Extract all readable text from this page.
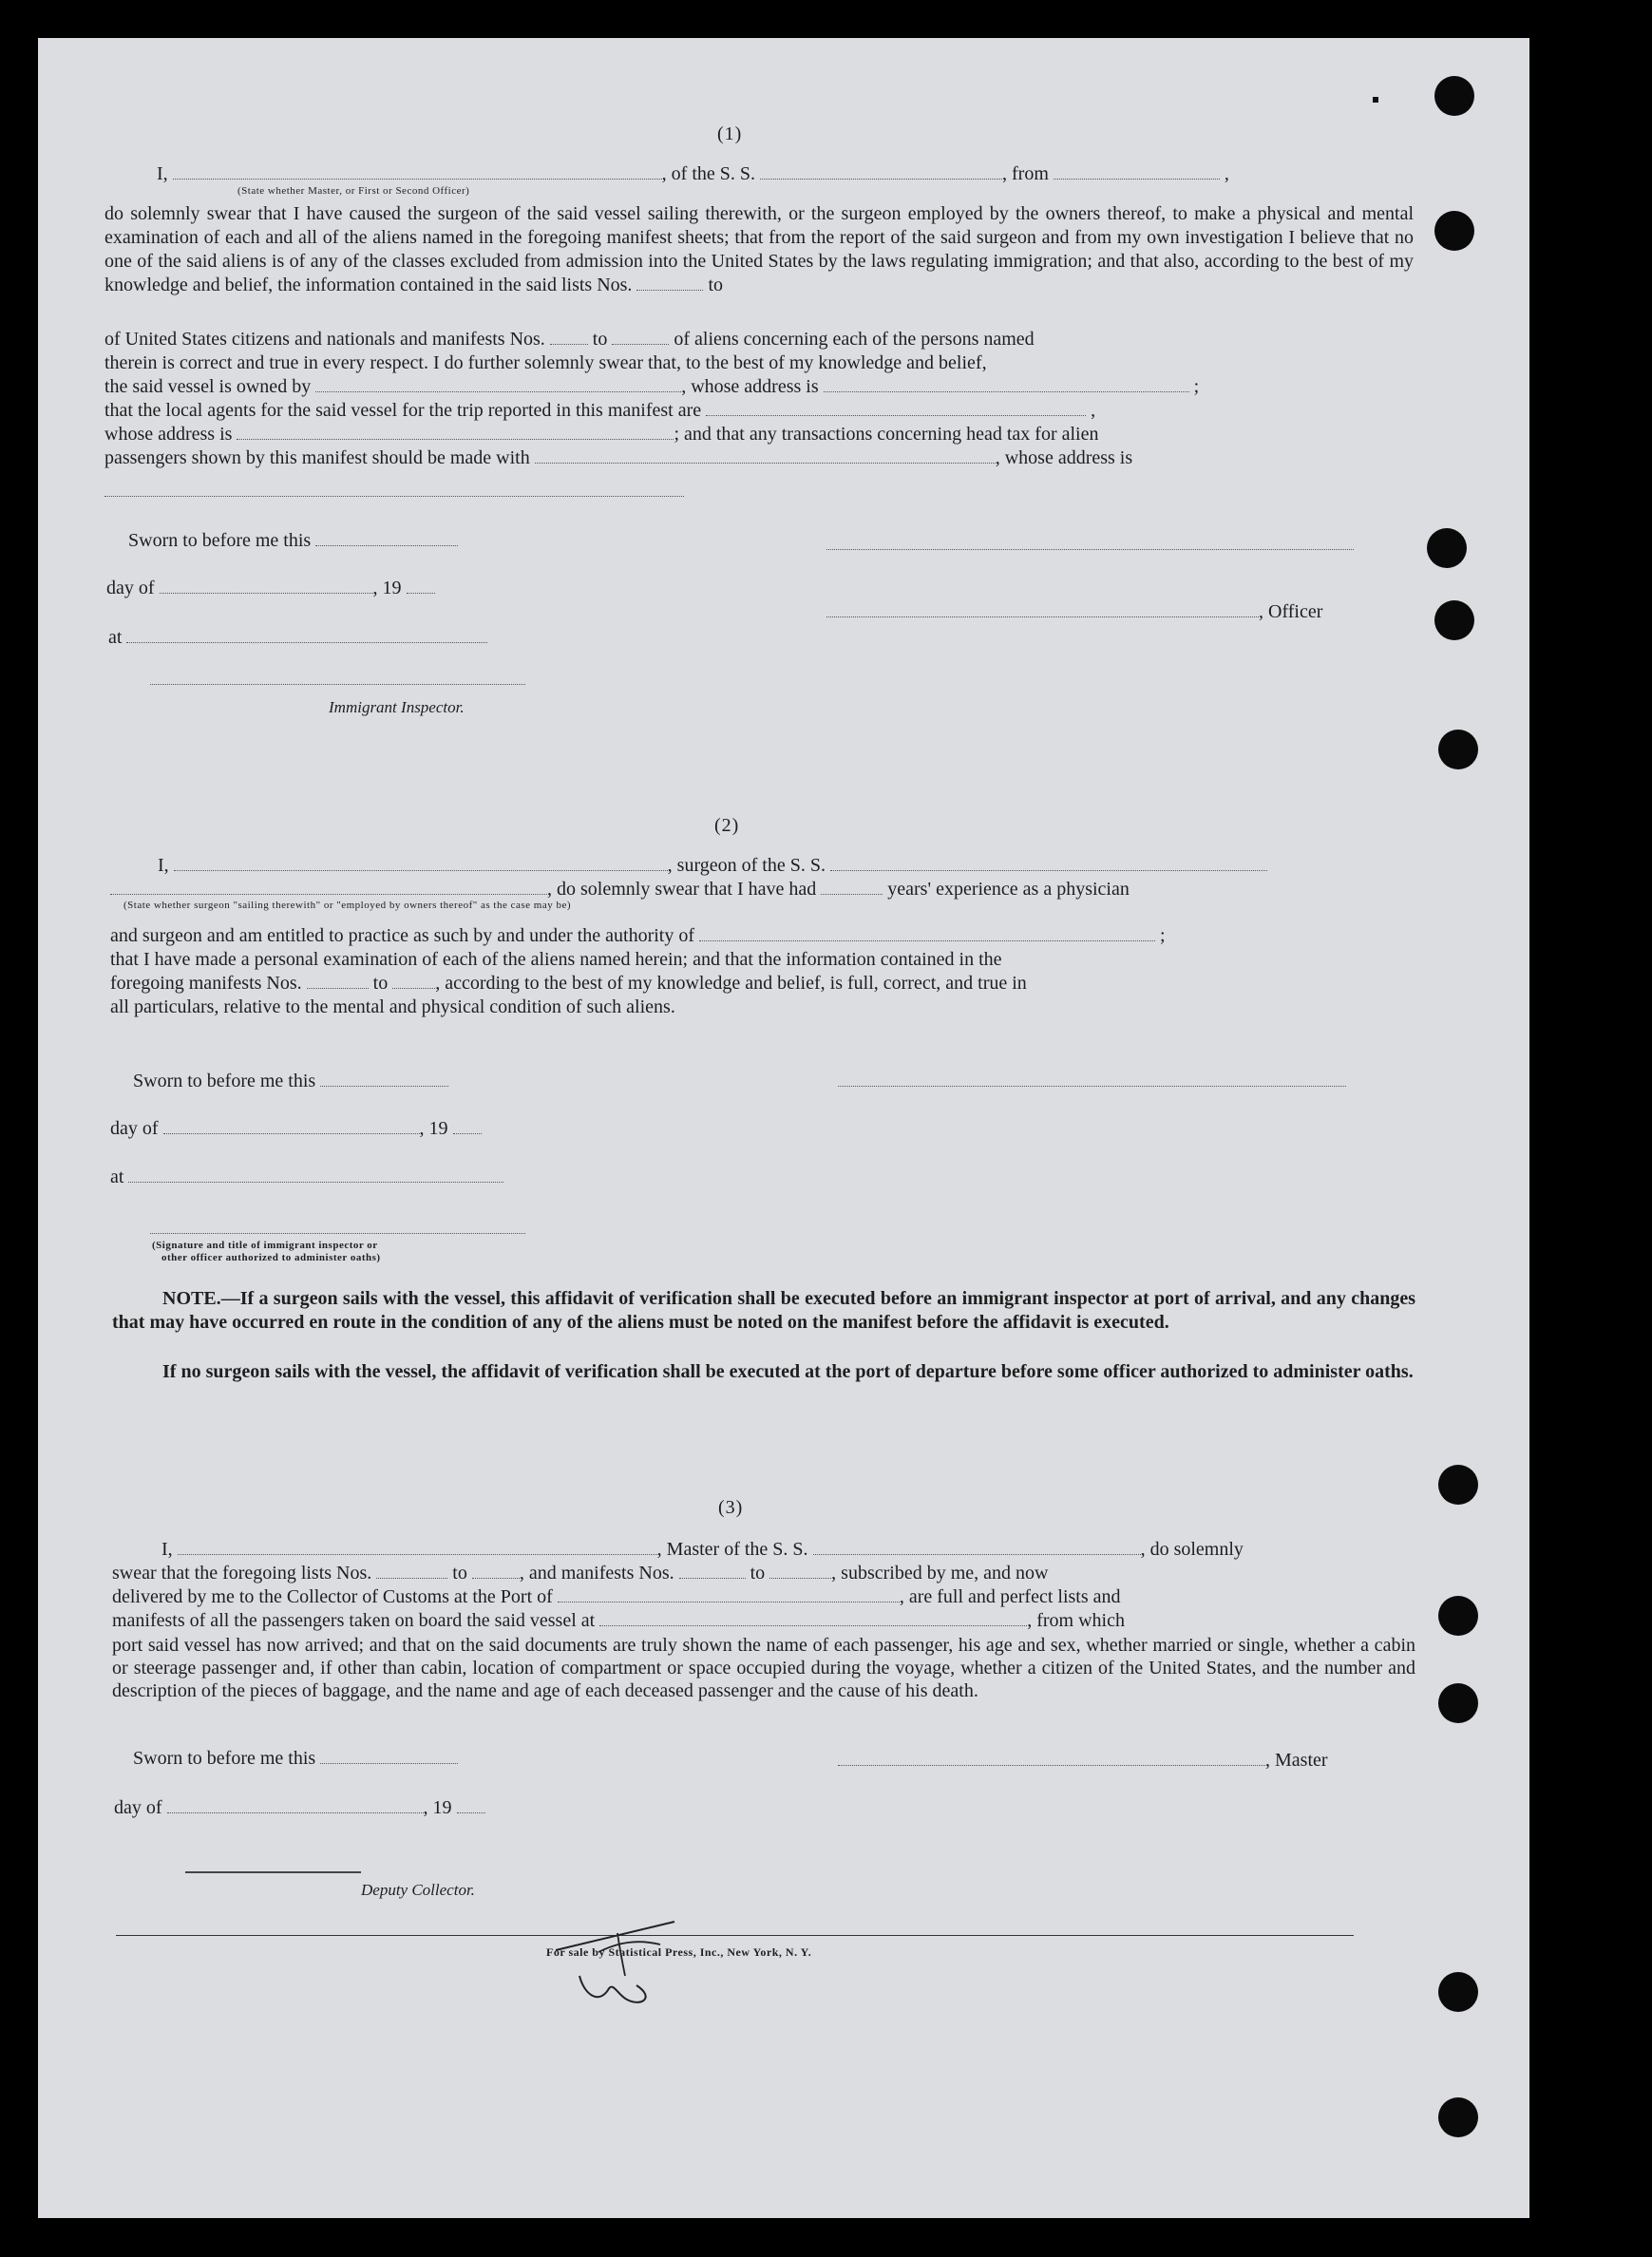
(1)
I,	, of the S. S.	, from	,
(State whether Master, or First or Second Officer)
do solemnly swear that I have caused the surgeon of the said vessel sailing therewith, or the surgeon employed by the owners thereof, to make a physical and mental examination of each and all of the aliens named in the foregoing manifest sheets; that from the report of the said surgeon and from my own investigation I believe that no one of the said aliens is of any of the classes excluded from admission into the United States by the laws regulating immigration; and that also, according to the best of my knowledge and belief, the information contained in the said lists Nos.	to
of United States citizens and nationals and manifests Nos.	to	of aliens concerning each of the persons named
therein is correct and true in every respect. I do further solemnly swear that, to the best of my knowledge and belief,
the said vessel is owned by	, whose address is	;
that the local agents for the said vessel for the trip reported in this manifest are	,
whose address is	; and that any transactions concerning head tax for alien
passengers shown by this manifest should be made with	, whose address is
Sworn to before me this
day of	, 19
, Officer
at
Immigrant Inspector.
(2)
I,	, surgeon of the S. S.
, do solemnly swear that I have had	years' experience as a physician
(State whether surgeon "sailing therewith" or "employed by owners thereof" as the case may be)
and surgeon and am entitled to practice as such by and under the authority of	;
that I have made a personal examination of each of the aliens named herein; and that the information contained in the
foregoing manifests Nos.	to	, according to the best of my knowledge and belief, is full, correct, and true in
all particulars, relative to the mental and physical condition of such aliens.
Sworn to before me this
day of	, 19
at
(Signature and title of immigrant inspector or
other officer authorized to administer oaths)
NOTE.—If a surgeon sails with the vessel, this affidavit of verification shall be executed before an immigrant inspector at port of arrival, and any changes that may have occurred en route in the condition of any of the aliens must be noted on the manifest before the affidavit is executed.
If no surgeon sails with the vessel, the affidavit of verification shall be executed at the port of departure before some officer authorized to administer oaths.
(3)
I,	, Master of the S. S.	, do solemnly
swear that the foregoing lists Nos.	to	, and manifests Nos.	to	, subscribed by me, and now
delivered by me to the Collector of Customs at the Port of	, are full and perfect lists and
manifests of all the passengers taken on board the said vessel at	, from which
port said vessel has now arrived; and that on the said documents are truly shown the name of each passenger, his age and sex, whether married or single, whether a cabin or steerage passenger and, if other than cabin, location of compartment or space occupied during the voyage, whether a citizen of the United States, and the number and description of the pieces of baggage, and the name and age of each deceased passenger and the cause of his death.
Sworn to before me this	, Master
day of	, 19
Deputy Collector.
For sale by Statistical Press, Inc., New York, N. Y.
